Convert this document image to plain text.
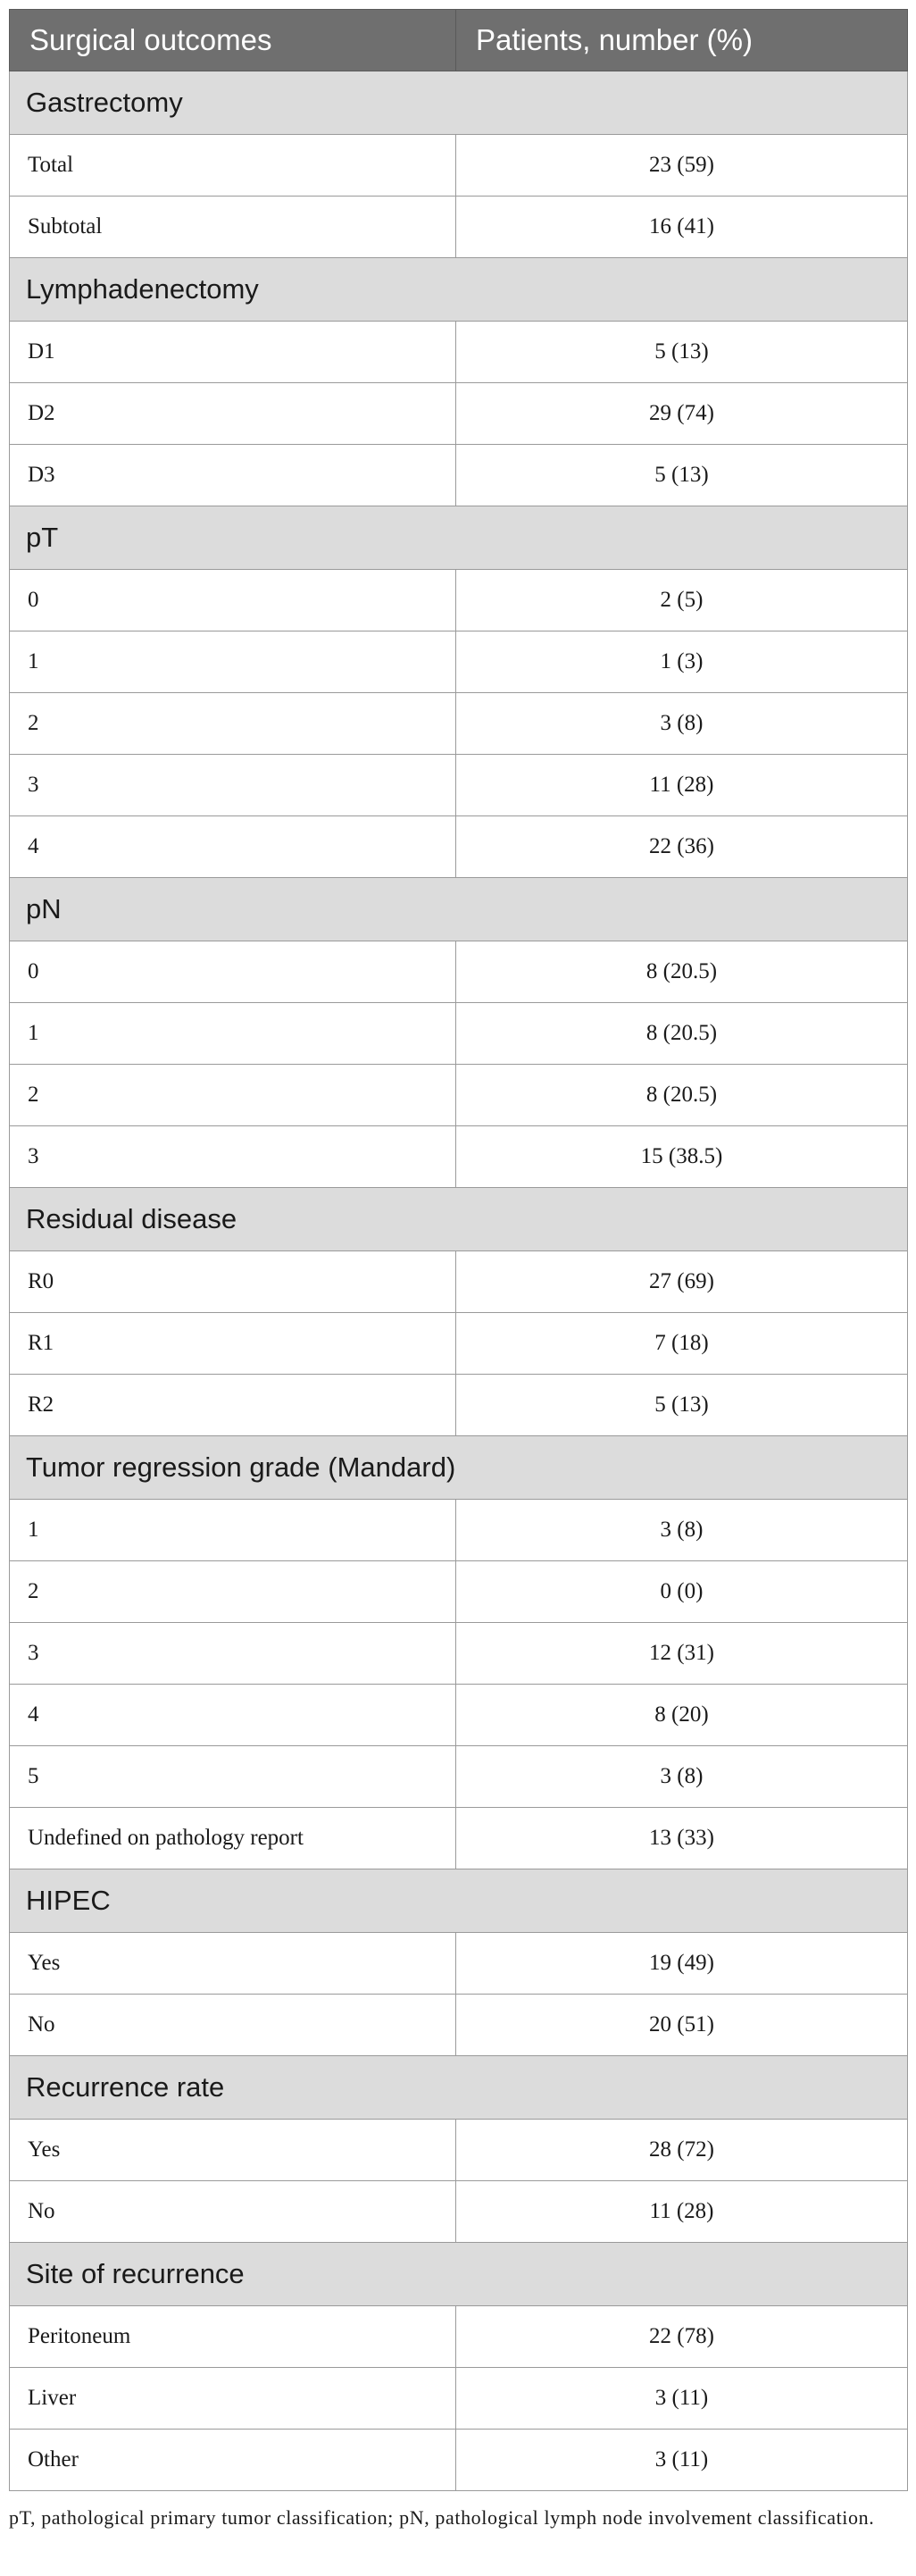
Surgical outcomes	Patients, number (%)
Gastrectomy	
Total	23 (59)
Subtotal	16 (41)
Lymphadenectomy	
D1	5 (13)
D2	29 (74)
D3	5 (13)
pT	
0	2 (5)
1	1 (3)
2	3 (8)
3	11 (28)
4	22 (36)
pN	
0	8 (20.5)
1	8 (20.5)
2	8 (20.5)
3	15 (38.5)
Residual disease	
R0	27 (69)
R1	7 (18)
R2	5 (13)
Tumor regression grade (Mandard)	
1	3 (8)
2	0 (0)
3	12 (31)
4	8 (20)
5	3 (8)
Undefined on pathology report	13 (33)
HIPEC	
Yes	19 (49)
No	20 (51)
Recurrence rate	
Yes	28 (72)
No	11 (28)
Site of recurrence	
Peritoneum	22 (78)
Liver	3 (11)
Other	3 (11)
pT, pathological primary tumor classification; pN, pathological lymph node involvement classification.
